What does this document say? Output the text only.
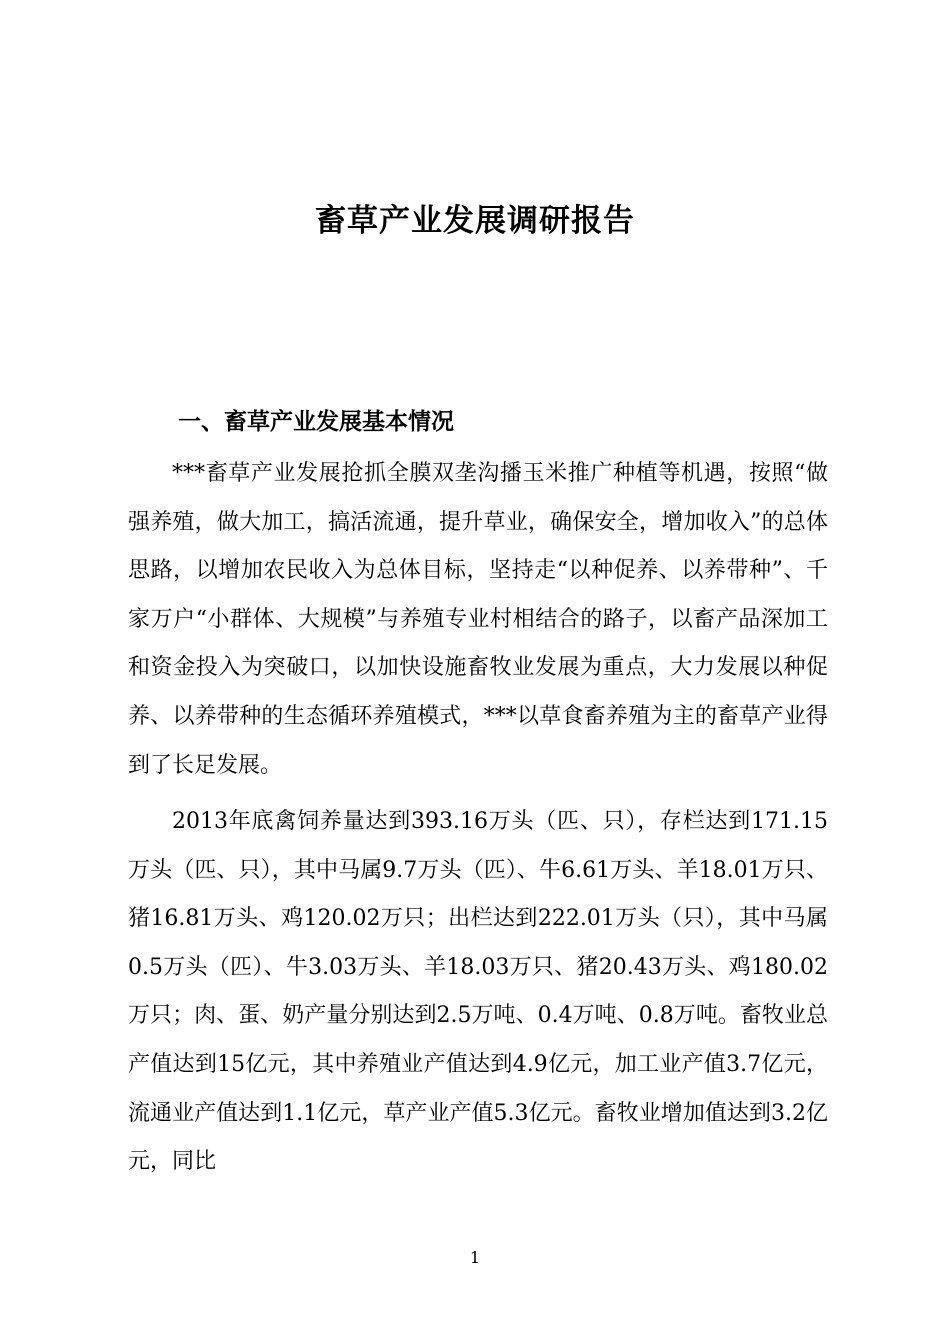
畜草产业发展调研报告
一、畜草产业发展基本情况

***畜草产业发展抢抓全膜双垄沟播玉米推广种植等机遇，按照“做强养殖，做大加工，搞活流通，提升草业，确保安全，增加收入”的总体思路，以增加农民收入为总体目标，坚持走“以种促养、以养带种”、千家万户“小群体、大规模”与养殖专业村相结合的路子，以畜产品深加工和资金投入为突破口，以加快设施畜牧业发展为重点，大力发展以种促养、以养带种的生态循环养殖模式，***以草食畜养殖为主的畜草产业得到了长足发展。

2013年底禽饲养量达到393.16万头（匹、只），存栏达到171.15万头（匹、只），其中马属9.7万头（匹）、牛6.61万头、羊18.01万只、猪16.81万头、鸡120.02万只；出栏达到222.01万头（只），其中马属0.5万头（匹）、牛3.03万头、羊18.03万只、猪20.43万头、鸡180.02万只；肉、蛋、奶产量分别达到2.5万吨、0.4万吨、0.8万吨。畜牧业总产值达到15亿元，其中养殖业产值达到4.9亿元，加工业产值3.7亿元，流通业产值达到1.1亿元，草产业产值5.3亿元。畜牧业增加值达到3.2亿元，同比

1
